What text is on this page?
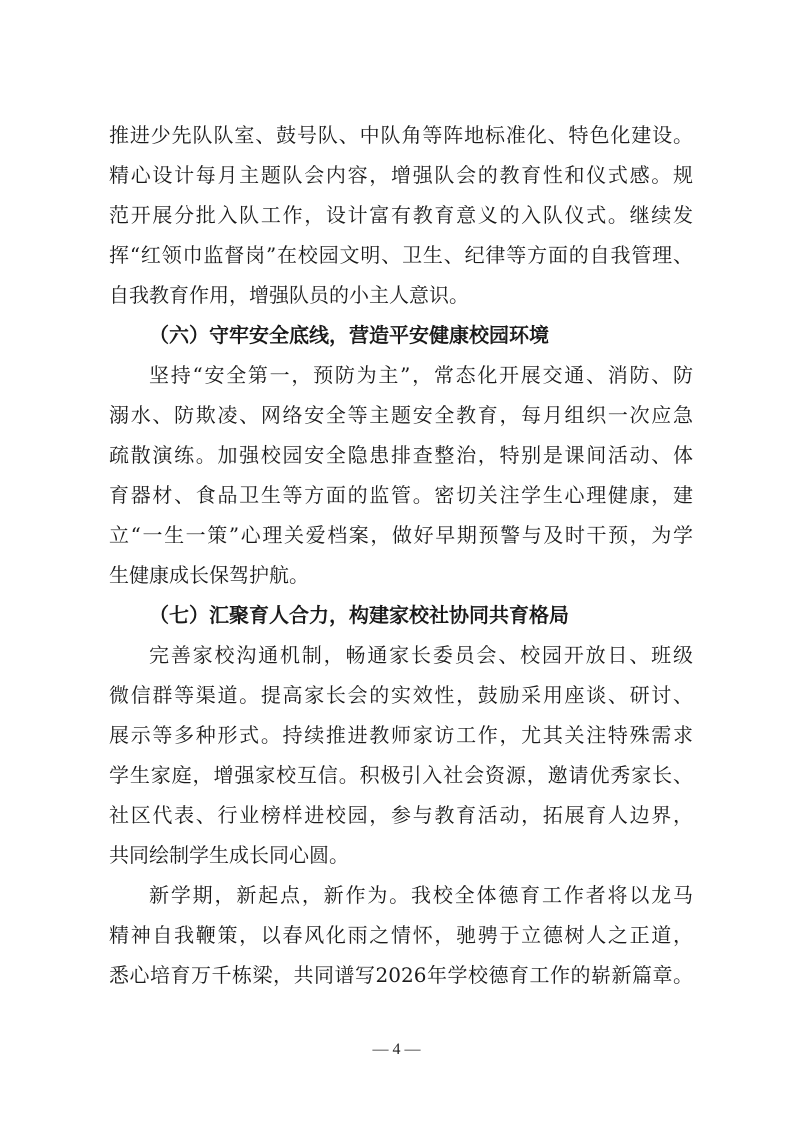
推进少先队队室、鼓号队、中队角等阵地标准化、特色化建设。
精心设计每月主题队会内容，增强队会的教育性和仪式感。规
范开展分批入队工作，设计富有教育意义的入队仪式。继续发
挥“红领巾监督岗”在校园文明、卫生、纪律等方面的自我管理、
自我教育作用，增强队员的小主人意识。
（六）守牢安全底线，营造平安健康校园环境
坚持“安全第一，预防为主”，常态化开展交通、消防、防
溺水、防欺凌、网络安全等主题安全教育，每月组织一次应急
疏散演练。加强校园安全隐患排查整治，特别是课间活动、体
育器材、食品卫生等方面的监管。密切关注学生心理健康，建
立“一生一策”心理关爱档案，做好早期预警与及时干预，为学
生健康成长保驾护航。
（七）汇聚育人合力，构建家校社协同共育格局
完善家校沟通机制，畅通家长委员会、校园开放日、班级
微信群等渠道。提高家长会的实效性，鼓励采用座谈、研讨、
展示等多种形式。持续推进教师家访工作，尤其关注特殊需求
学生家庭，增强家校互信。积极引入社会资源，邀请优秀家长、
社区代表、行业榜样进校园，参与教育活动，拓展育人边界，
共同绘制学生成长同心圆。
新学期，新起点，新作为。我校全体德育工作者将以龙马
精神自我鞭策，以春风化雨之情怀，驰骋于立德树人之正道，
悉心培育万千栋梁，共同谱写2026年学校德育工作的崭新篇章。
— 4 —
